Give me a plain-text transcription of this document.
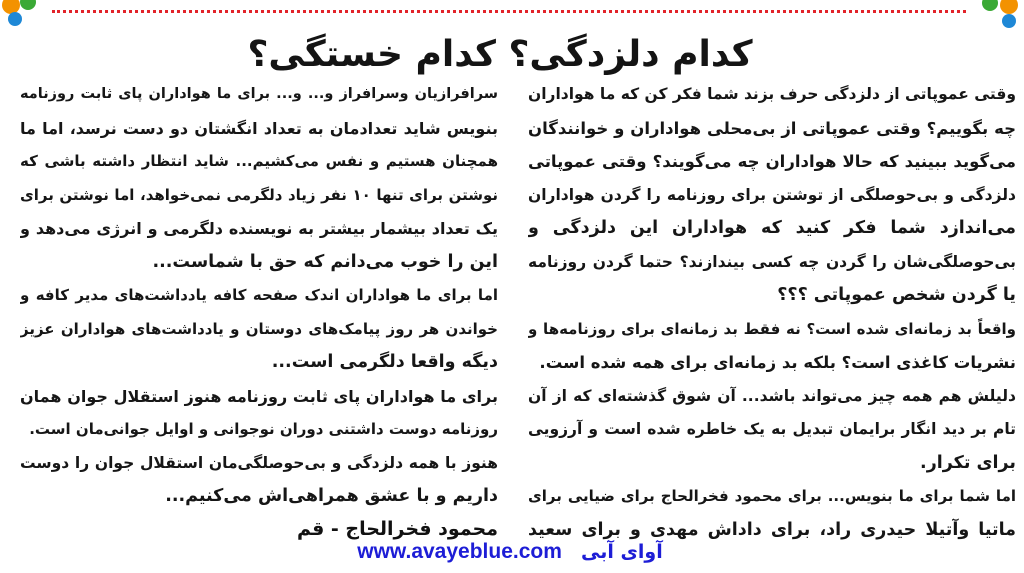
کدام دلزدگی؟ کدام خستگی؟
وقتی عموپاتی از دلزدگی حرف بزند شما فکر کن که ما هواداران
چه بگوییم؟ وقتی عموپاتی از بی‌محلی هواداران و خوانندگان
می‌گوید ببینید که حالا هواداران چه می‌گویند؟ وقتی عموپاتی
دلزدگی و بی‌حوصلگی از توشتن برای روزنامه را گردن هواداران
می‌اندازد شما فکر کنید که هواداران این دلزدگی و
بی‌حوصلگی‌شان را گردن چه کسی بیندازند؟ حتما گردن روزنامه
یا گردن شخص عموپاتی ؟؟؟
واقعاً بد زمانه‌ای شده است؟ نه فقط بد زمانه‌ای برای روزنامه‌ها و
نشریات کاغذی است؟ بلکه بد زمانه‌ای برای همه شده است.
دلیلش هم همه چیز می‌تواند باشد... آن شوق گذشته‌ای که از آن
تام بر دید انگار برایمان تبدیل به یک خاطره شده است و آرزویی
برای تکرار.
اما شما برای ما بنویس... برای محمود فخرالحاج برای ضیایی برای
ماتیا وآتیلا حیدری راد، برای داداش مهدی و برای سعید
سرافرازیان وسرافراز و... و... برای ما هواداران پای ثابت روزنامه
بنویس شاید تعدادمان به تعداد انگشتان دو دست نرسد، اما ما
همچنان هستیم و نفس می‌کشیم... شاید انتظار داشته باشی که
نوشتن برای تنها ۱۰ نفر زیاد دلگرمی نمی‌خواهد، اما نوشتن برای
یک تعداد بیشمار بیشتر به نویسنده دلگرمی و انرژی می‌دهد و
این را خوب می‌دانم که حق با شماست...
اما برای ما هواداران اندک صفحه کافه یادداشت‌های مدیر کافه و
خواندن هر روز پیامک‌های دوستان و یادداشت‌های هواداران عزیز
دیگه واقعا دلگرمی است...
برای ما هواداران پای ثابت روزنامه هنوز استقلال جوان همان
روزنامه دوست داشتنی دوران نوجوانی و اوایل جوانی‌مان است.
هنوز با همه دلزدگی و بی‌حوصلگی‌مان استقلال جوان را دوست
داریم و با عشق همراهی‌اش می‌کنیم...
محمود فخرالحاج - قم
www.avayeblue.com آوای آبی
